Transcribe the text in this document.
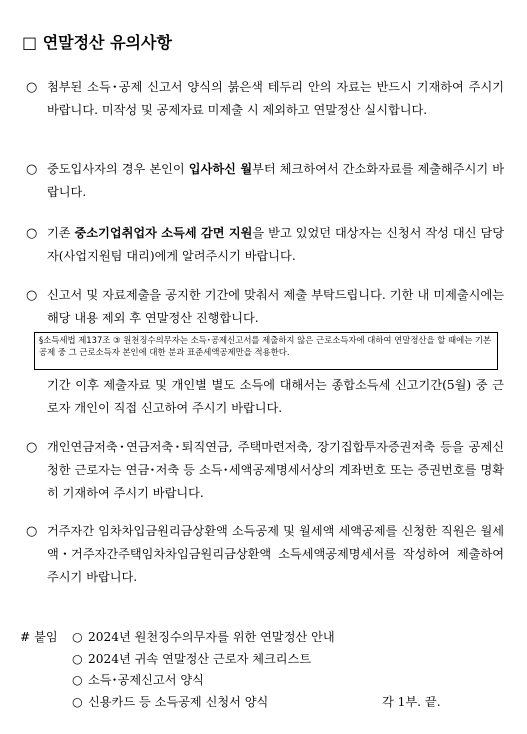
□ 연말정산 유의사항
○ 첨부된 소득･공제 신고서 양식의 붉은색 테두리 안의 자료는 반드시 기재하여 주시기 바랍니다. 미작성 및 공제자료 미제출 시 제외하고 연말정산 실시합니다.
○ 중도입사자의 경우 본인이 입사하신 월부터 체크하여서 간소화자료를 제출해주시기 바랍니다.
○ 기존 중소기업취업자 소득세 감면 지원을 받고 있었던 대상자는 신청서 작성 대신 담당자(사업지원팀 대리)에게 알려주시기 바랍니다.
○ 신고서 및 자료제출을 공지한 기간에 맞춰서 제출 부탁드립니다. 기한 내 미제출시에는 해당 내용 제외 후 연말정산 진행합니다.
§소득세법 제137조 ③ 원천징수의무자는 소득･공제신고서를 제출하지 않은 근로소득자에 대하여 연말정산을 할 때에는 기본공제 중 그 근로소득자 본인에 대한 분과 표준세액공제만을 적용한다.
기간 이후 제출자료 및 개인별 별도 소득에 대해서는 종합소득세 신고기간(5월) 중 근로자 개인이 직접 신고하여 주시기 바랍니다.
○ 개인연금저축･연금저축･퇴직연금, 주택마련저축, 장기집합투자증권저축 등을 공제신청한 근로자는 연금･저축 등 소득･세액공제명세서상의 계좌번호 또는 증권번호를 명확히 기재하여 주시기 바랍니다.
○ 거주자간 임차차입금원리금상환액 소득공제 및 월세액 세액공제를 신청한 직원은 월세액･거주자간주택임차차입금원리금상환액 소득세액공제명세서를 작성하여 제출하여 주시기 바랍니다.
# 붙임 ○ 2024년 원천징수의무자를 위한 연말정산 안내
○ 2024년 귀속 연말정산 근로자 체크리스트
○ 소득･공제신고서 양식
○ 신용카드 등 소득공제 신청서 양식	각 1부. 끝.
